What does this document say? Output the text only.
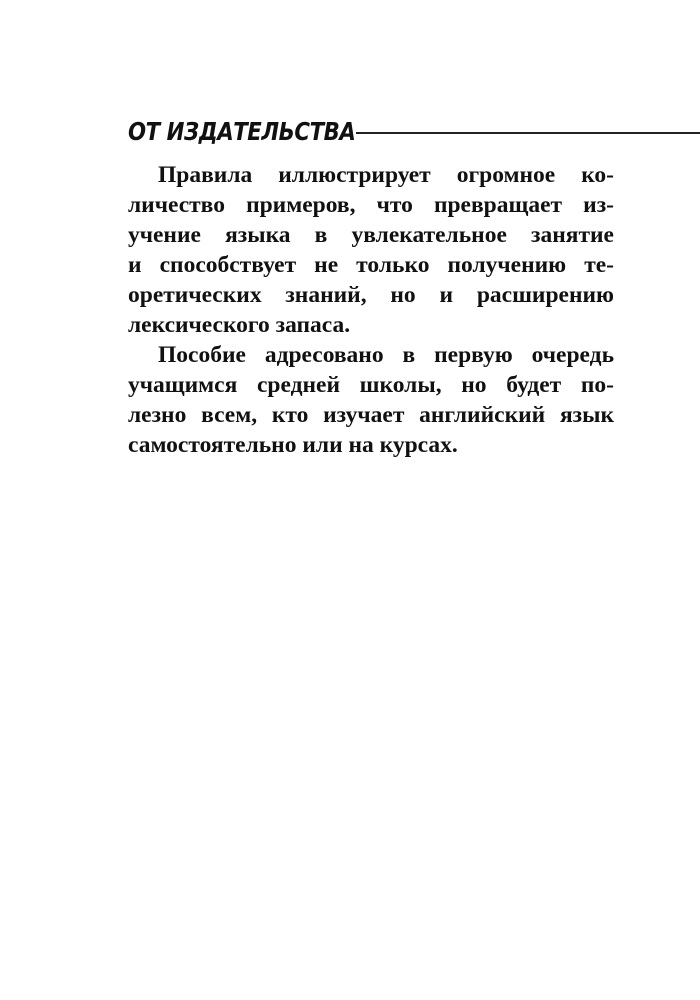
ОТ ИЗДАТЕЛЬСТВА
Правила иллюстрирует огромное ко-
личество примеров, что превращает из-
учение языка в увлекательное занятие
и способствует не только получению те-
оретических знаний, но и расширению
лексического запаса.
Пособие адресовано в первую очередь
учащимся средней школы, но будет по-
лезно всем, кто изучает английский язык
самостоятельно или на курсах.
